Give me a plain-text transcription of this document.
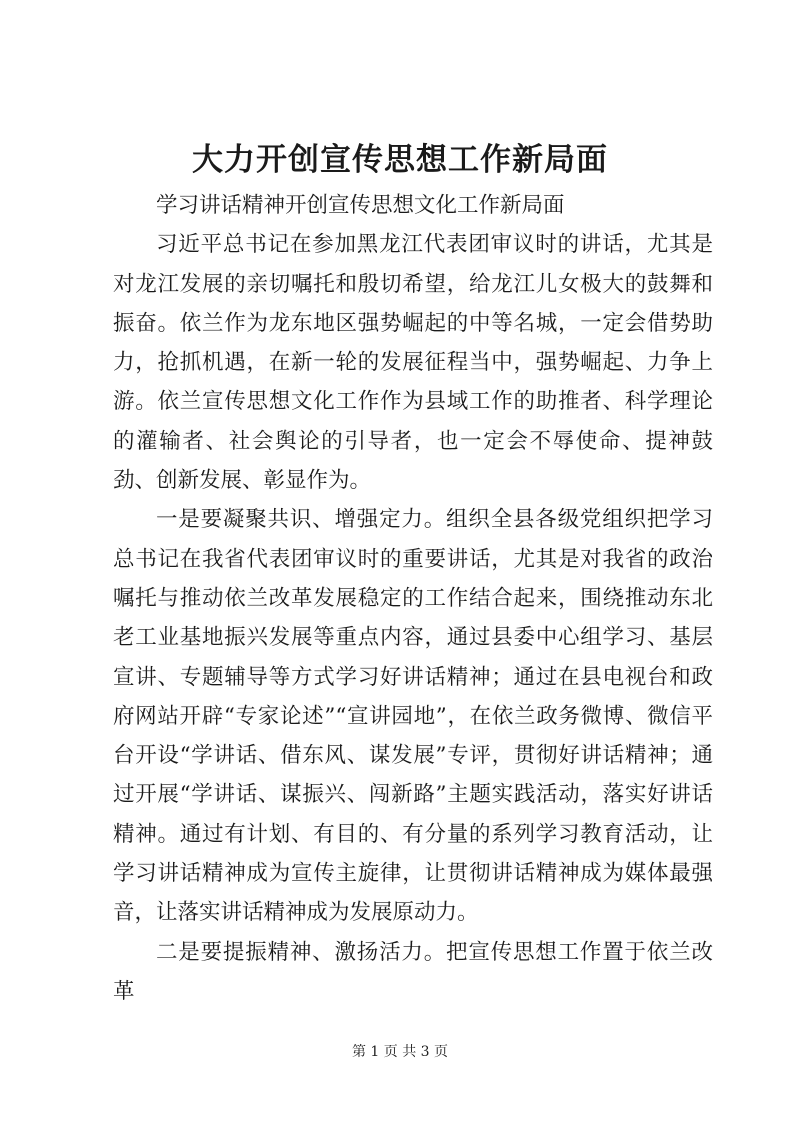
大力开创宣传思想工作新局面

学习讲话精神开创宣传思想文化工作新局面

习近平总书记在参加黑龙江代表团审议时的讲话，尤其是对龙江发展的亲切嘱托和殷切希望，给龙江儿女极大的鼓舞和振奋。依兰作为龙东地区强势崛起的中等名城，一定会借势助力，抢抓机遇，在新一轮的发展征程当中，强势崛起、力争上游。依兰宣传思想文化工作作为县域工作的助推者、科学理论的灌输者、社会舆论的引导者，也一定会不辱使命、提神鼓劲、创新发展、彰显作为。

一是要凝聚共识、增强定力。组织全县各级党组织把学习总书记在我省代表团审议时的重要讲话，尤其是对我省的政治嘱托与推动依兰改革发展稳定的工作结合起来，围绕推动东北老工业基地振兴发展等重点内容，通过县委中心组学习、基层宣讲、专题辅导等方式学习好讲话精神；通过在县电视台和政府网站开辟“专家论述”“宣讲园地”，在依兰政务微博、微信平台开设“学讲话、借东风、谋发展”专评，贯彻好讲话精神；通过开展“学讲话、谋振兴、闯新路”主题实践活动，落实好讲话精神。通过有计划、有目的、有分量的系列学习教育活动，让学习讲话精神成为宣传主旋律，让贯彻讲话精神成为媒体最强音，让落实讲话精神成为发展原动力。

二是要提振精神、激扬活力。把宣传思想工作置于依兰改革

第 1 页 共 3 页
